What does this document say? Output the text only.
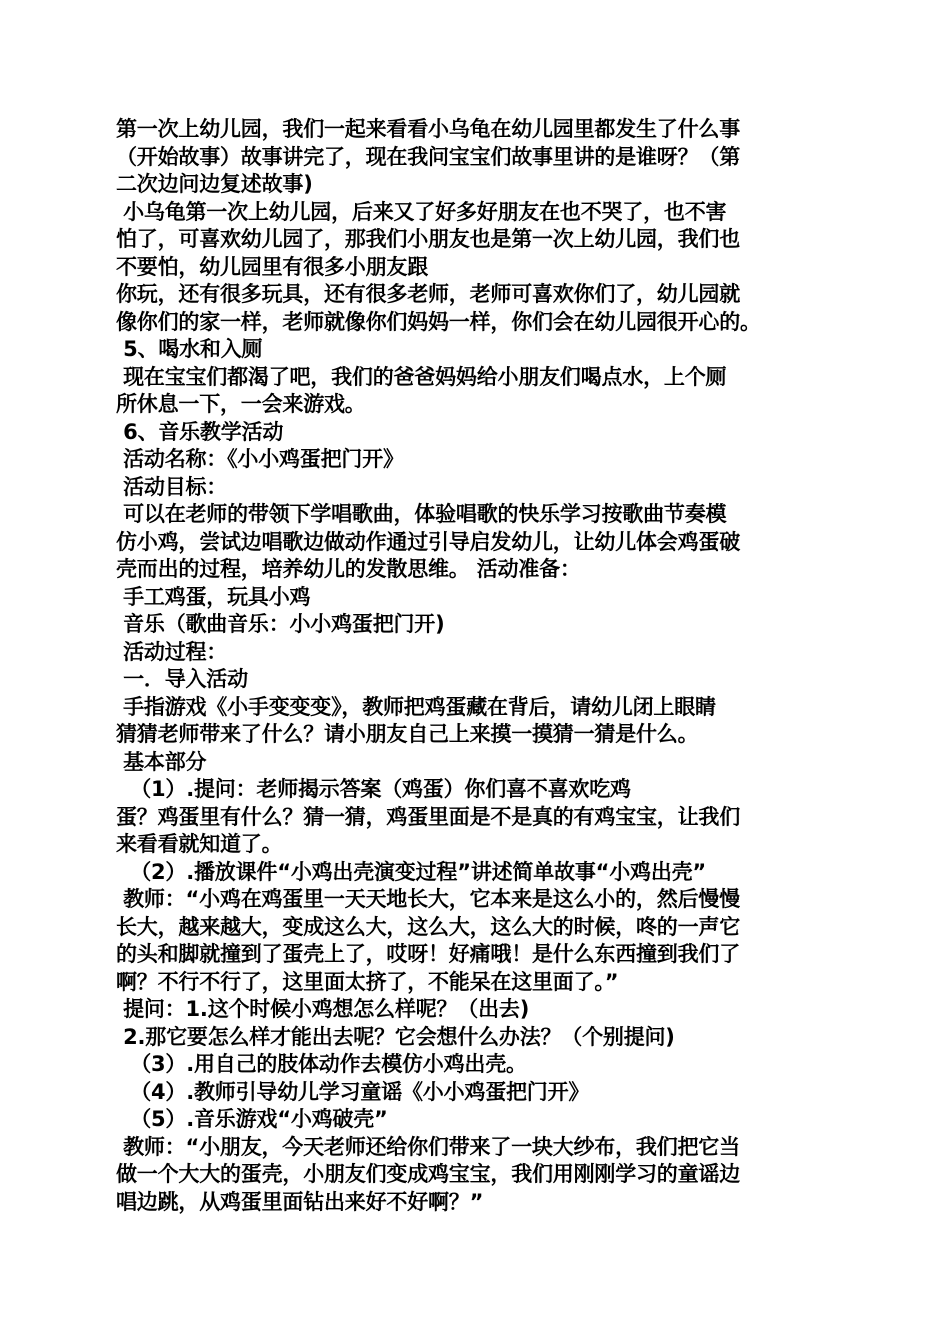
第一次上幼儿园，我们一起来看看小乌龟在幼儿园里都发生了什么事
（开始故事）故事讲完了，现在我问宝宝们故事里讲的是谁呀？（第
二次边问边复述故事)
小乌龟第一次上幼儿园，后来又了好多好朋友在也不哭了，也不害
怕了，可喜欢幼儿园了，那我们小朋友也是第一次上幼儿园，我们也
不要怕，幼儿园里有很多小朋友跟
你玩，还有很多玩具，还有很多老师，老师可喜欢你们了，幼儿园就
像你们的家一样，老师就像你们妈妈一样，你们会在幼儿园很开心的。
5、喝水和入厕
现在宝宝们都渴了吧，我们的爸爸妈妈给小朋友们喝点水，上个厕
所休息一下，一会来游戏。
6、音乐教学活动
活动名称：《小小鸡蛋把门开》
活动目标：
可以在老师的带领下学唱歌曲，体验唱歌的快乐学习按歌曲节奏模
仿小鸡，尝试边唱歌边做动作通过引导启发幼儿，让幼儿体会鸡蛋破
壳而出的过程，培养幼儿的发散思维。 活动准备：
手工鸡蛋，玩具小鸡
音乐（歌曲音乐：小小鸡蛋把门开)
活动过程：
一．导入活动
手指游戏《小手变变变》，教师把鸡蛋藏在背后，请幼儿闭上眼睛
猜猜老师带来了什么？请小朋友自己上来摸一摸猜一猜是什么。
基本部分
（1）.提问：老师揭示答案（鸡蛋）你们喜不喜欢吃鸡
蛋？鸡蛋里有什么？猜一猜，鸡蛋里面是不是真的有鸡宝宝，让我们
来看看就知道了。
（2）.播放课件“小鸡出壳演变过程”讲述简单故事“小鸡出壳”
教师：“小鸡在鸡蛋里一天天地长大，它本来是这么小的，然后慢慢
长大，越来越大，变成这么大，这么大，这么大的时候，咚的一声它
的头和脚就撞到了蛋壳上了，哎呀！好痛哦！是什么东西撞到我们了
啊？不行不行了，这里面太挤了，不能呆在这里面了。”
提问：1.这个时候小鸡想怎么样呢？（出去)
2.那它要怎么样才能出去呢？它会想什么办法？（个别提问)
（3）.用自己的肢体动作去模仿小鸡出壳。
（4）.教师引导幼儿学习童谣《小小鸡蛋把门开》
（5）.音乐游戏“小鸡破壳”
教师：“小朋友，今天老师还给你们带来了一块大纱布，我们把它当
做一个大大的蛋壳，小朋友们变成鸡宝宝，我们用刚刚学习的童谣边
唱边跳，从鸡蛋里面钻出来好不好啊？”
